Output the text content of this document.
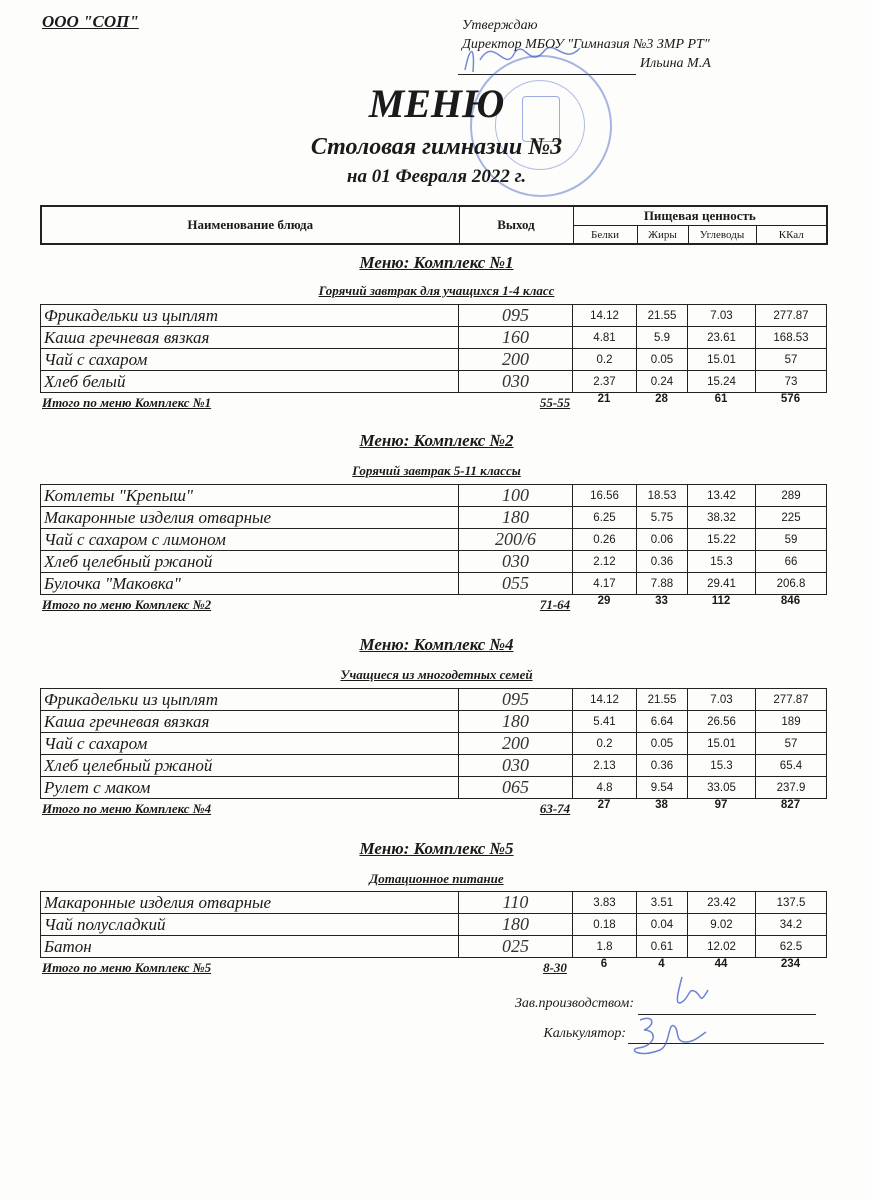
ООО "СОП"	Утверждаю
Директор МБОУ "Гимназия №3 ЗМР РТ"
Ильина М.А
МЕНЮ
Столовая гимназии №3
на 01 Февраля 2022 г.
Наименование блюда	Выход	Пищевая ценность			
		Белки	Жиры	Углеводы	ККал
Меню: Комплекс №1
Горячий завтрак для учащихся 1-4 класс
Фрикадельки из цыплят	095	14.12	21.55	7.03	277.87
Каша гречневая вязкая	160	4.81	5.9	23.61	168.53
Чай с сахаром	200	0.2	0.05	15.01	57
Хлеб белый	030	2.37	0.24	15.24	73
Итого по меню Комплекс №1	55-55	21	28	61	576
Меню: Комплекс №2
Горячий завтрак 5-11 классы
Котлеты "Крепыш"	100	16.56	18.53	13.42	289
Макаронные изделия отварные	180	6.25	5.75	38.32	225
Чай с сахаром с лимоном	200/6	0.26	0.06	15.22	59
Хлеб целебный ржаной	030	2.12	0.36	15.3	66
Булочка "Маковка"	055	4.17	7.88	29.41	206.8
Итого по меню Комплекс №2	71-64	29	33	112	846
Меню: Комплекс №4
Учащиеся из многодетных семей
Фрикадельки из цыплят	095	14.12	21.55	7.03	277.87
Каша гречневая вязкая	180	5.41	6.64	26.56	189
Чай с сахаром	200	0.2	0.05	15.01	57
Хлеб целебный ржаной	030	2.13	0.36	15.3	65.4
Рулет с маком	065	4.8	9.54	33.05	237.9
Итого по меню Комплекс №4	63-74	27	38	97	827
Меню: Комплекс №5
Дотационное питание
Макаронные изделия отварные	110	3.83	3.51	23.42	137.5
Чай полусладкий	180	0.18	0.04	9.02	34.2
Батон	025	1.8	0.61	12.02	62.5
Итого по меню Комплекс №5	8-30	6	4	44	234
Зав.производством:
Калькулятор:
